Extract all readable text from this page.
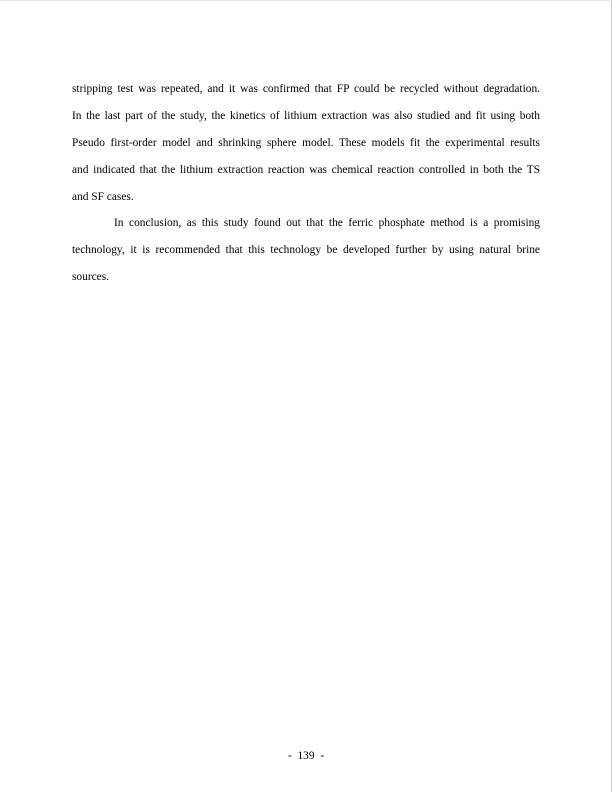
stripping test was repeated, and it was confirmed that FP could be recycled without degradation.
In the last part of the study, the kinetics of lithium extraction was also studied and fit using both
Pseudo first-order model and shrinking sphere model. These models fit the experimental results
and indicated that the lithium extraction reaction was chemical reaction controlled in both the TS
and SF cases.
In conclusion, as this study found out that the ferric phosphate method is a promising
technology, it is recommended that this technology be developed further by using natural brine
sources.
- 139 -
